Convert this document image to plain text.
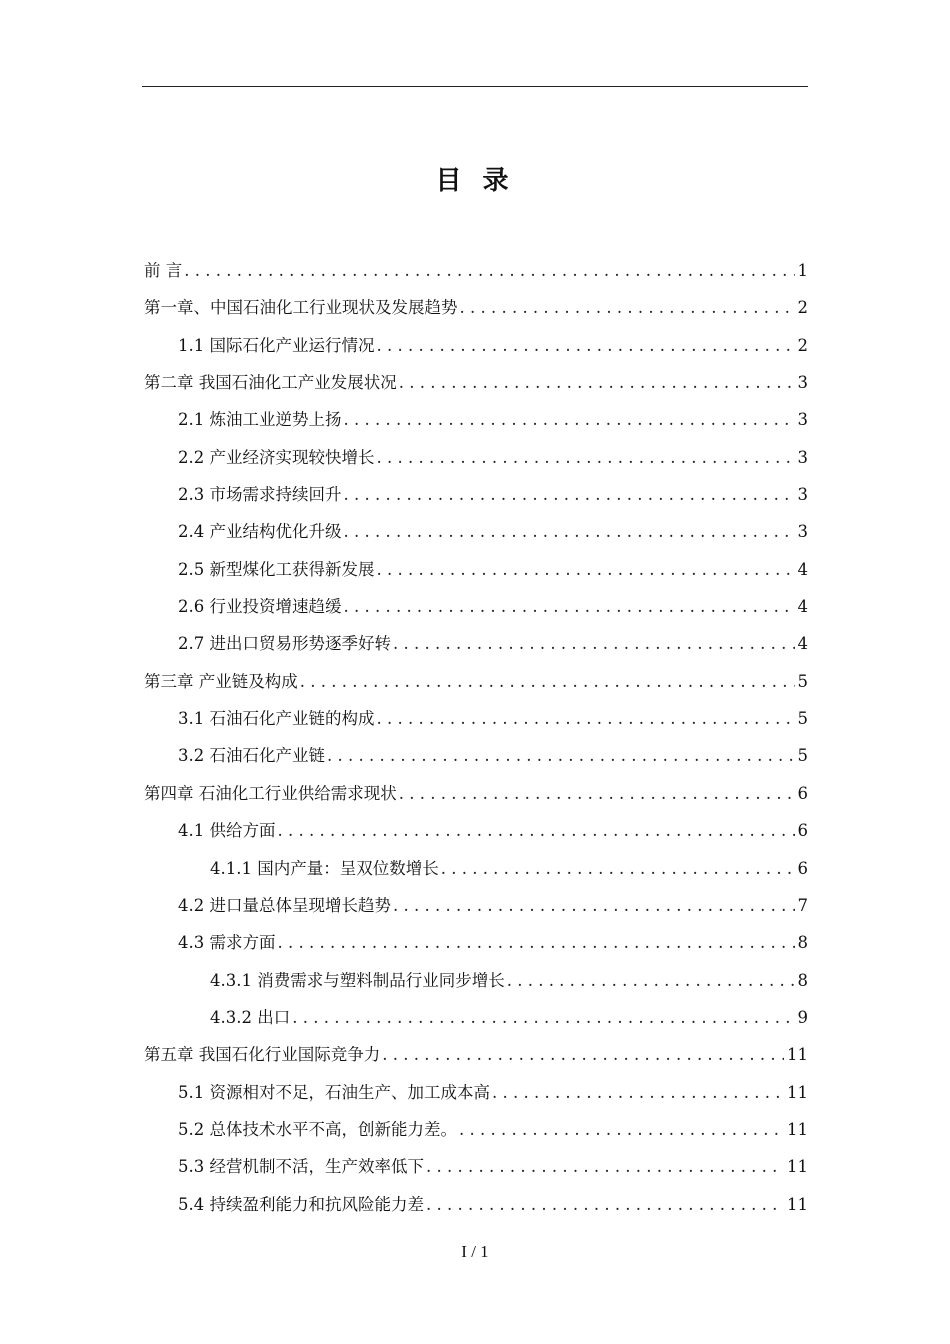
目 录
前 言 . . .	1
第一章、中国石油化工行业现状及发展趋势 . . .	2
1.1 国际石化产业运行情况 . . .	2
第二章 我国石油化工产业发展状况 . . .	3
2.1 炼油工业逆势上扬 . . .	3
2.2 产业经济实现较快增长 . . .	3
2.3 市场需求持续回升 . . .	3
2.4 产业结构优化升级 . . .	3
2.5 新型煤化工获得新发展 . . .	4
2.6 行业投资增速趋缓 . . .	4
2.7 进出口贸易形势逐季好转 . . .	4
第三章 产业链及构成 . . .	5
3.1 石油石化产业链的构成 . . .	5
3.2 石油石化产业链 . . .	5
第四章 石油化工行业供给需求现状 . . .	6
4.1 供给方面 . . .	6
4.1.1 国内产量：呈双位数增长 . . .	6
4.2 进口量总体呈现增长趋势 . . .	7
4.3 需求方面 . . .	8
4.3.1 消费需求与塑料制品行业同步增长 . . .	8
4.3.2 出口 . . .	9
第五章 我国石化行业国际竞争力 . . .	11
5.1 资源相对不足，石油生产、加工成本高 . . .	11
5.2 总体技术水平不高，创新能力差。 . . .	11
5.3 经营机制不活，生产效率低下 . . .	11
5.4 持续盈利能力和抗风险能力差 . . .	11
I / 1
